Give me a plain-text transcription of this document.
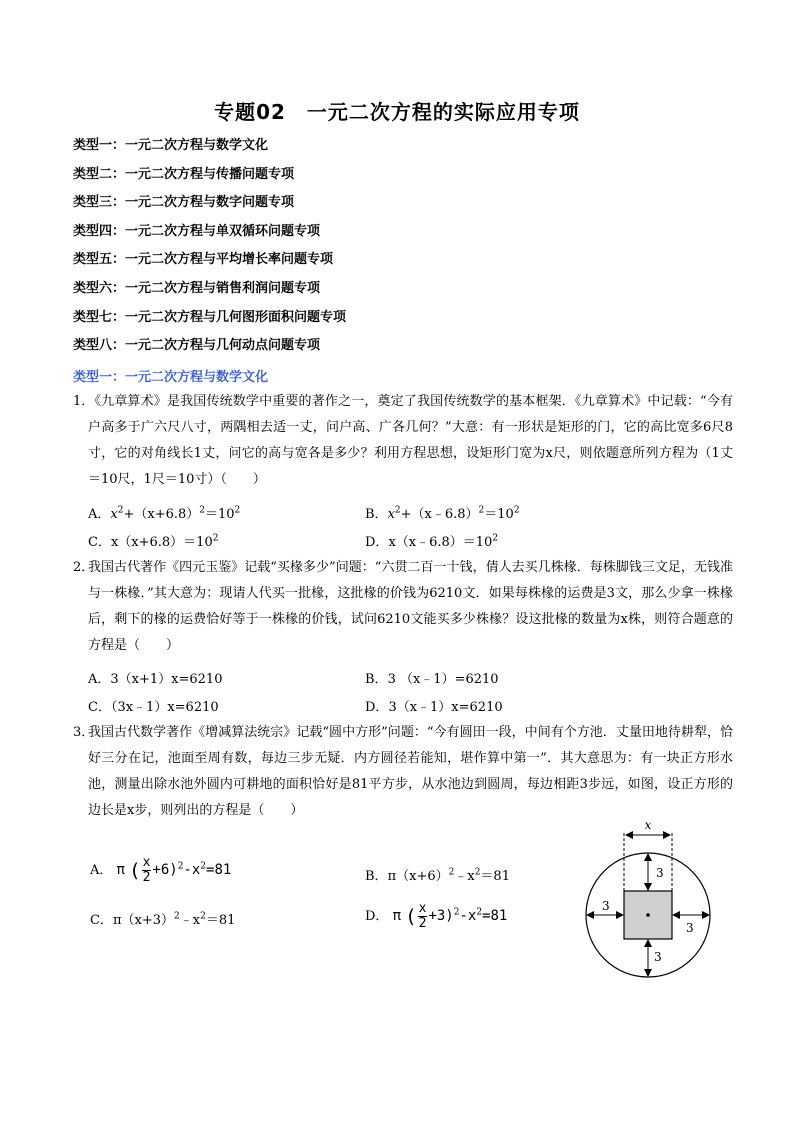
专题02　一元二次方程的实际应用专项
类型一：一元二次方程与数学文化
类型二：一元二次方程与传播问题专项
类型三：一元二次方程与数字问题专项
类型四：一元二次方程与单双循环问题专项
类型五：一元二次方程与平均增长率问题专项
类型六：一元二次方程与销售利润问题专项
类型七：一元二次方程与几何图形面积问题专项
类型八：一元二次方程与几何动点问题专项
类型一：一元二次方程与数学文化
1．
《九章算术》是我国传统数学中重要的著作之一，奠定了我国传统数学的基本框架．《九章算术》中记载：“今有户高多于广六尺八寸，两隅相去适一丈，问户高、广各几何？”大意：有一形状是矩形的门，它的高比宽多6尺8寸，它的对角线长1丈，问它的高与宽各是多少？利用方程思想，设矩形门宽为x尺，则依题意所列方程为（1丈＝10尺，1尺＝10寸）（　　）
A．$x^2+(x+6.8)^2=10^2$	B．$x^2+(x﹣6.8)^2=10^2$
C．$x(x+6.8)=10^2$	D．$x(x﹣6.8)=10^2$
2．
我国古代著作《四元玉鉴》记载“买椽多少”问题：“六贯二百一十钱，倩人去买几株椽．每株脚钱三文足，无钱准与一株椽．”其大意为：现请人代买一批椽，这批椽的价钱为6210文．如果每株椽的运费是3文，那么少拿一株椽后，剩下的椽的运费恰好等于一株椽的价钱，试问6210文能买多少株椽？设这批椽的数量为x株，则符合题意的方程是（　　）
A．3（x+1）x=6210	B．3 （x﹣1）=6210
C．（3x﹣1）x=6210	D．3（x﹣1）x=6210
3．
我国古代数学著作《增减算法统宗》记载“圆中方形”问题：“今有圆田一段，中间有个方池．丈量田地待耕犁，恰好三分在记，池面至周有数，每边三步无疑．内方圆径若能知，堪作算中第一”．其大意思为：有一块正方形水池，测量出除水池外圆内可耕地的面积恰好是81平方步，从水池边到圆周，每边相距3步远，如图，设正方形的边长是x步，则列出的方程是（　　）
A． π ( $\frac{x}{2} +6)^2-x^2=81$	B．$\pi(x+6)^2﹣x^2=81$
C．$\pi(x+3)^2﹣x^2=81$	D． π ( $\frac{x}{2} +3)^2-x^2=81$
x
3
3
3
3
